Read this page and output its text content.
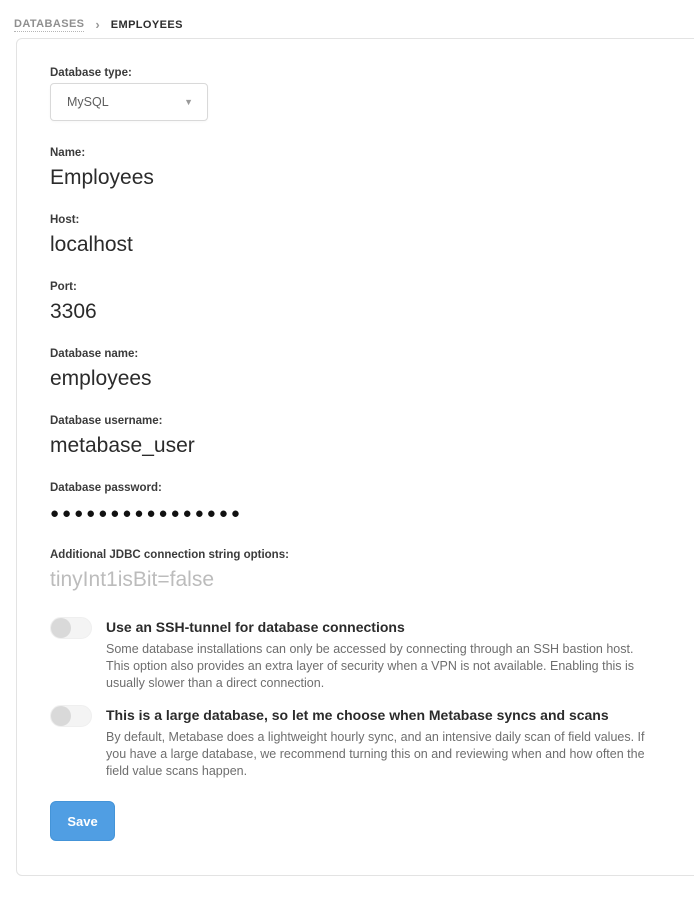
DATABASES › EMPLOYEES
Database type:
MySQL	▼
Name:
Employees
Host:
localhost
Port:
3306
Database name:
employees
Database username:
metabase_user
Database password:
●●●●●●●●●●●●●●●●
Additional JDBC connection string options:
tinyInt1isBit=false
Use an SSH-tunnel for database connections
Some database installations can only be accessed by connecting through an SSH bastion host. This option also provides an extra layer of security when a VPN is not available. Enabling this is usually slower than a direct connection.
This is a large database, so let me choose when Metabase syncs and scans
By default, Metabase does a lightweight hourly sync, and an intensive daily scan of field values. If you have a large database, we recommend turning this on and reviewing when and how often the field value scans happen.
Save
